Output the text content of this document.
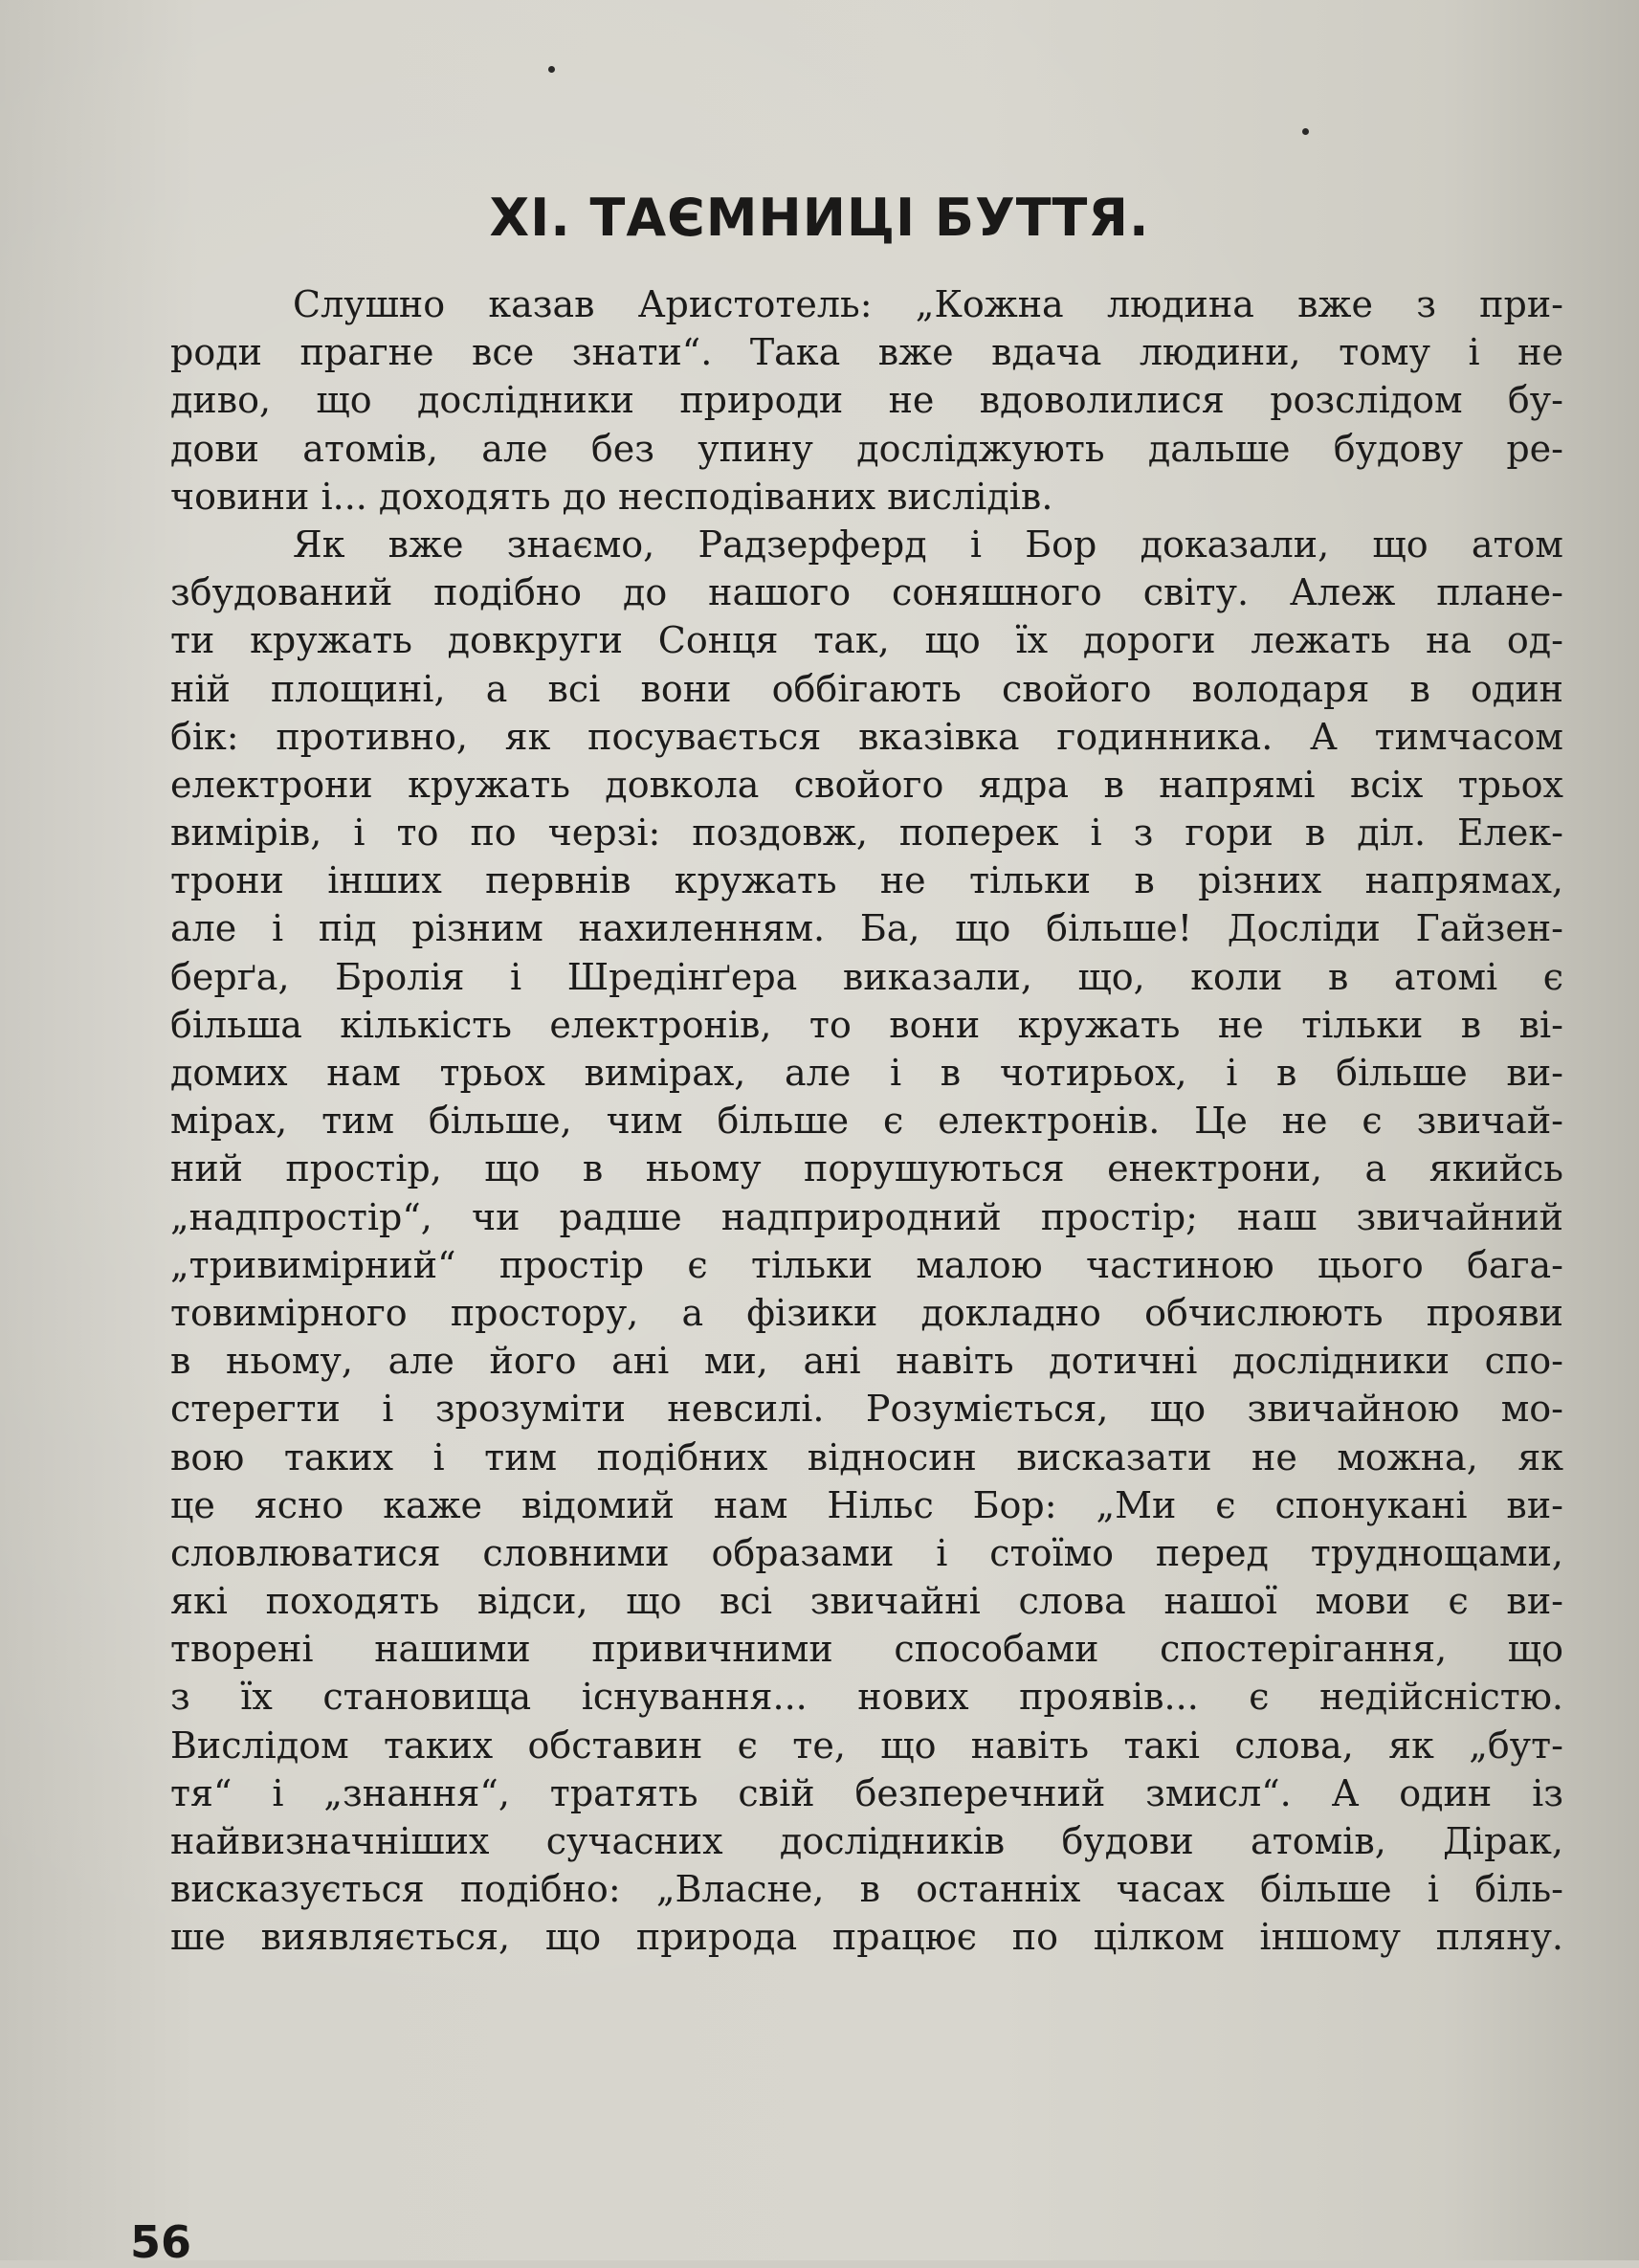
XI. ТАЄМНИЦІ БУТТЯ.
Слушно казав Аристотель: „Кожна людина вже з при-
роди прагне все знати“. Така вже вдача людини, тому і не
диво, що дослідники природи не вдоволилися розслідом бу-
дови атомів, але без упину досліджують дальше будову ре-
човини і... доходять до несподіваних вислідів.
Як вже знаємо, Радзерферд і Бор доказали, що атом
збудований подібно до нашого соняшного світу. Алеж плане-
ти кружать довкруги Сонця так, що їх дороги лежать на од-
ній площині, а всі вони оббігають свойого володаря в один
бік: противно, як посувається вказівка годинника. А тимчасом
електрони кружать довкола свойого ядра в напрямі всіх трьох
вимірів, і то по черзі: поздовж, поперек і з гори в діл. Елек-
трони інших первнів кружать не тільки в різних напрямах,
але і під різним нахиленням. Ба, що більше! Досліди Гайзен-
берґа, Бролія і Шредінґера виказали, що, коли в атомі є
більша кількість електронів, то вони кружать не тільки в ві-
домих нам трьох вимірах, але і в чотирьох, і в більше ви-
мірах, тим більше, чим більше є електронів. Це не є звичай-
ний простір, що в ньому порушуються енектрони, а якийсь
„надпростір“, чи радше надприродний простір; наш звичайний
„тривимірний“ простір є тільки малою частиною цього бага-
товимірного простору, а фізики докладно обчислюють прояви
в ньому, але його ані ми, ані навіть дотичні дослідники спо-
стерегти і зрозуміти невсилі. Розуміється, що звичайною мо-
вою таких і тим подібних відносин висказати не можна, як
це ясно каже відомий нам Нільс Бор: „Ми є спонукані ви-
словлюватися словними образами і стоїмо перед труднощами,
які походять відси, що всі звичайні слова нашої мови є ви-
творені нашими привичними способами спостерігання, що
з їх становища існування... нових проявів... є недійсністю.
Вислідом таких обставин є те, що навіть такі слова, як „бут-
тя“ і „знання“, тратять свій безперечний змисл“. А один із
найвизначніших сучасних дослідників будови атомів, Дірак,
висказується подібно: „Власне, в останніх часах більше і біль-
ше виявляється, що природа працює по цілком іншому пляну.
56
